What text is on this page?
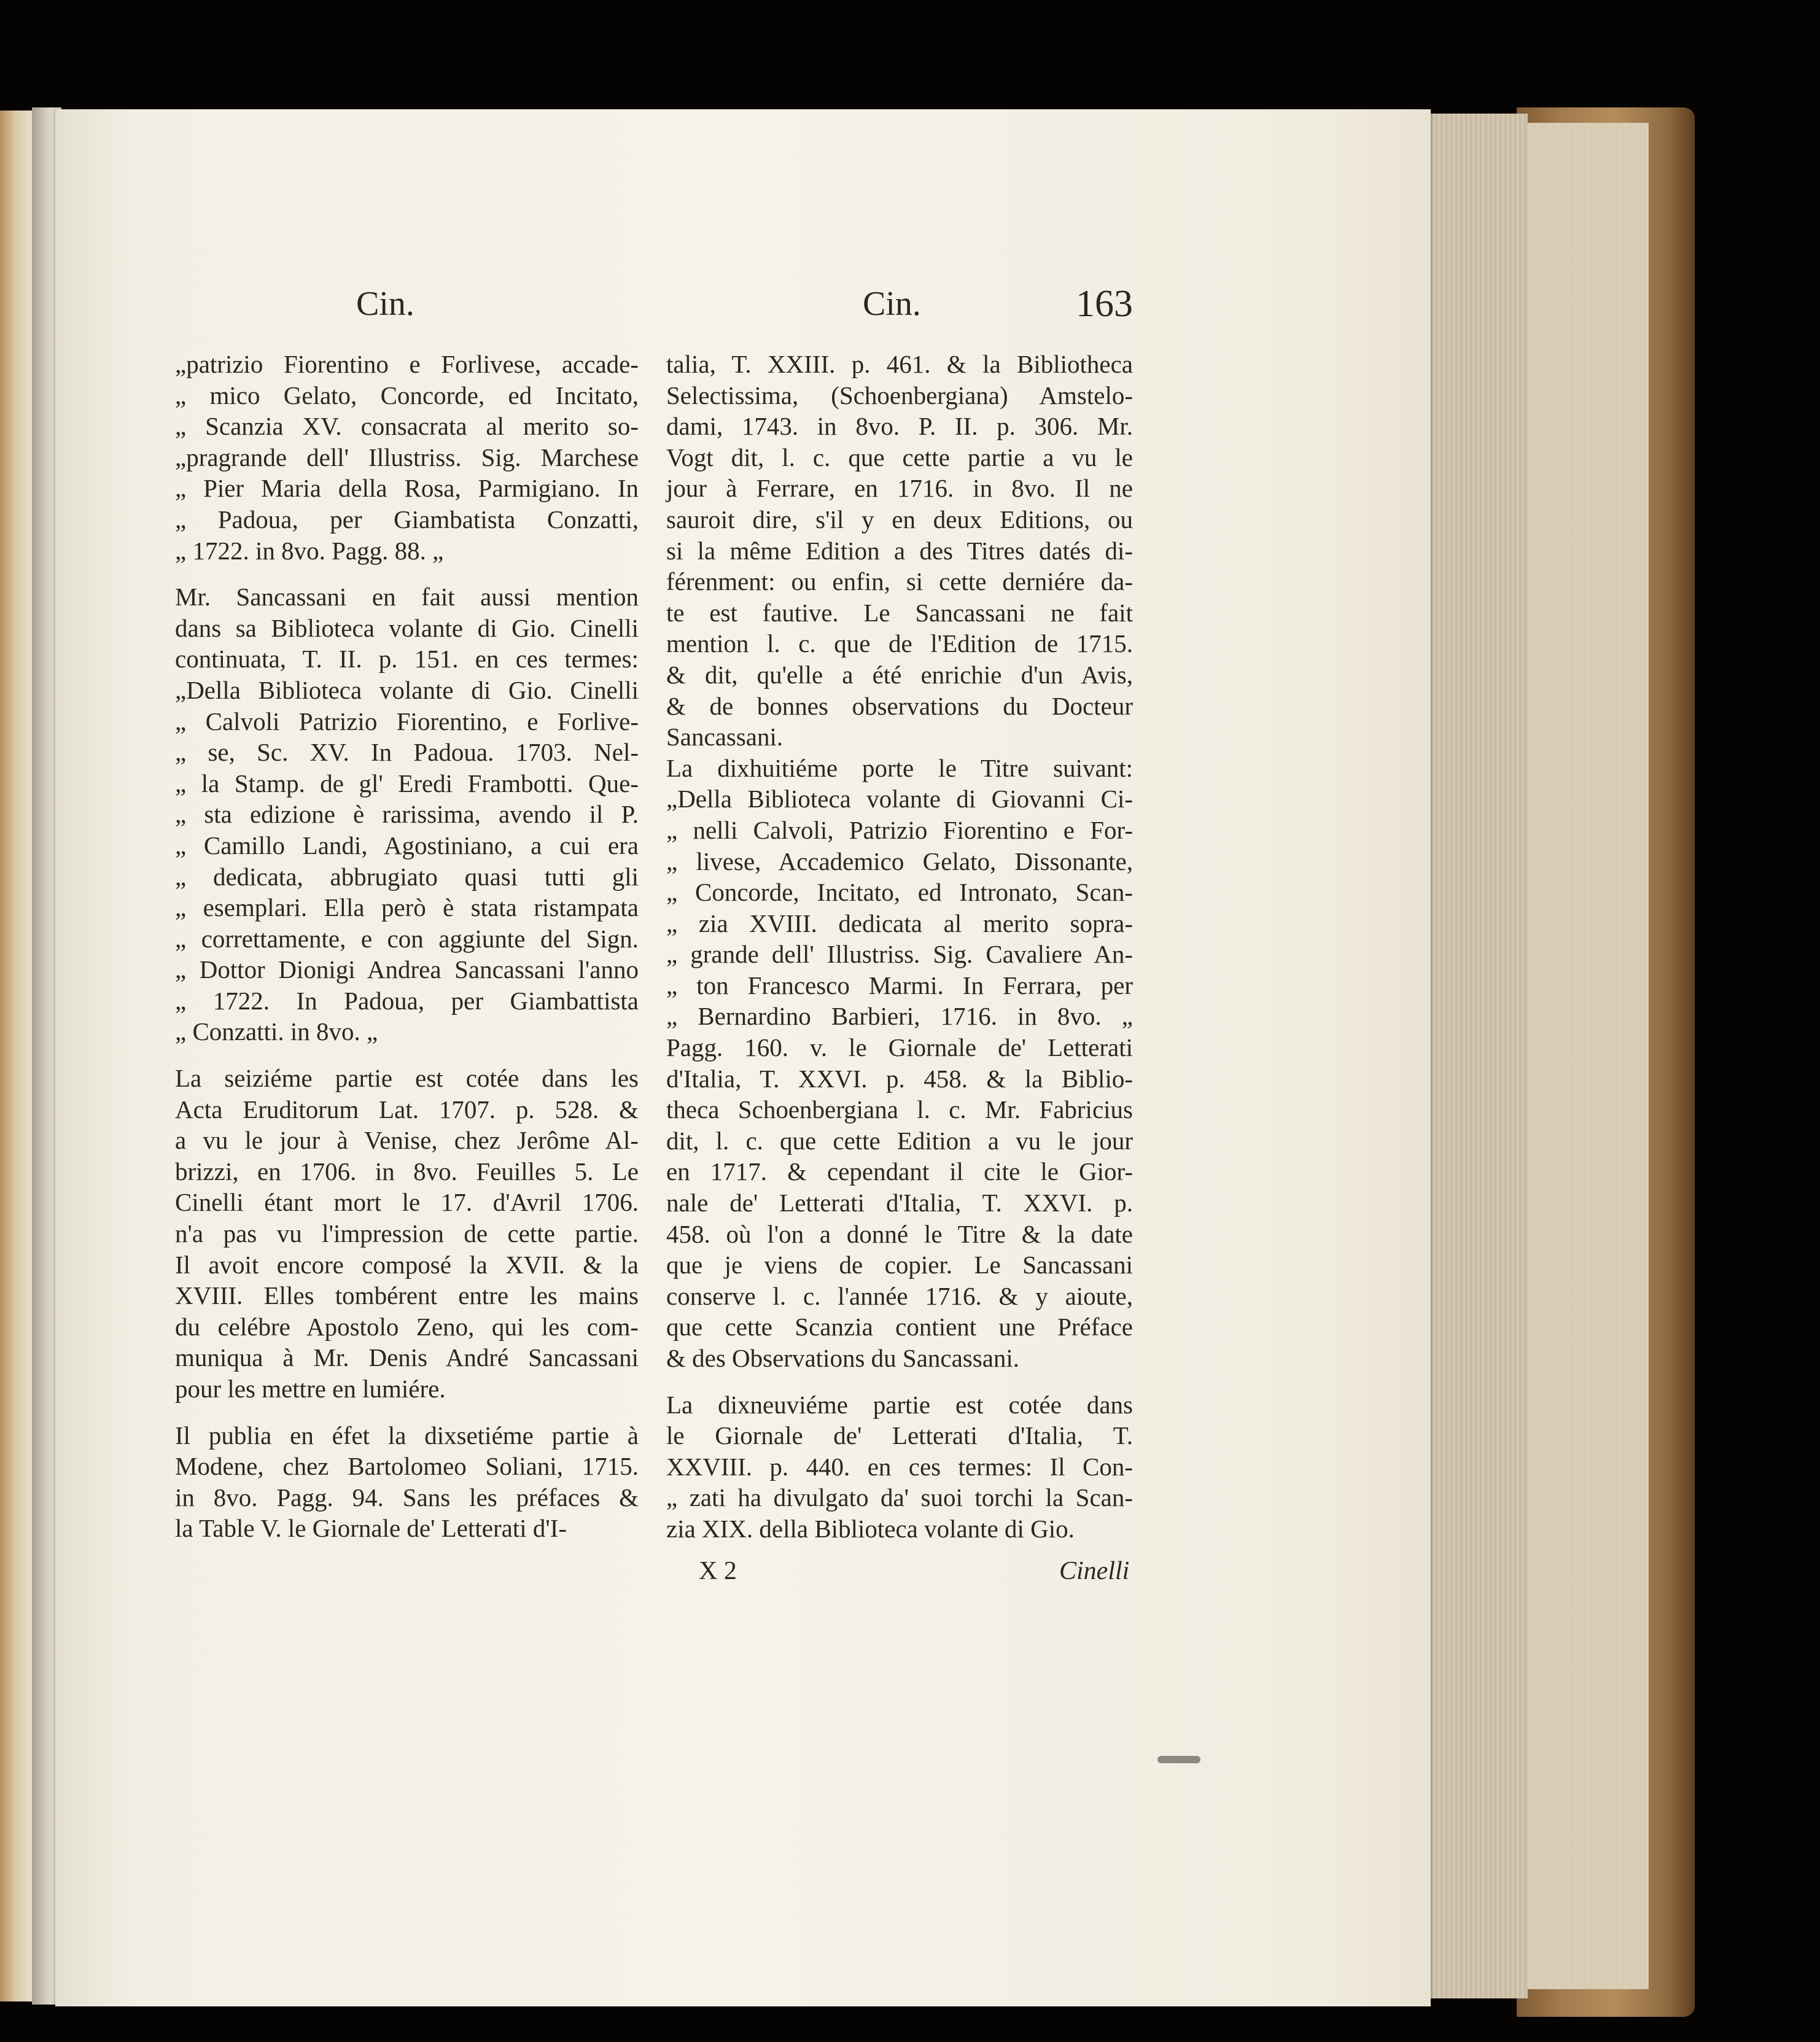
Cin.	Cin.	163
„patrizio Fiorentino e Forlivese, accade-
„ mico Gelato, Concorde, ed Incitato,
„ Scanzia XV. consacrata al merito so-
„pragrande dell' Illustriss. Sig. Marchese
„ Pier Maria della Rosa, Parmigiano. In
„ Padoua, per Giambatista Conzatti,
„ 1722. in 8vo. Pagg. 88. „
Mr. Sancassani en fait aussi mention
dans sa Biblioteca volante di Gio. Cinelli
continuata, T. II. p. 151. en ces termes:
„Della Biblioteca volante di Gio. Cinelli
„ Calvoli Patrizio Fiorentino, e Forlive-
„ se, Sc. XV. In Padoua. 1703. Nel-
„ la Stamp. de gl' Eredi Frambotti. Que-
„ sta edizione è rarissima, avendo il P.
„ Camillo Landi, Agostiniano, a cui era
„ dedicata, abbrugiato quasi tutti gli
„ esemplari. Ella però è stata ristampata
„ correttamente, e con aggiunte del Sign.
„ Dottor Dionigi Andrea Sancassani l'anno
„ 1722. In Padoua, per Giambattista
„ Conzatti. in 8vo. „
La seiziéme partie est cotée dans les
Acta Eruditorum Lat. 1707. p. 528. &
a vu le jour à Venise, chez Jerôme Al-
brizzi, en 1706. in 8vo. Feuilles 5. Le
Cinelli étant mort le 17. d'Avril 1706.
n'a pas vu l'impression de cette partie.
Il avoit encore composé la XVII. & la
XVIII. Elles tombérent entre les mains
du celébre Apostolo Zeno, qui les com-
muniqua à Mr. Denis André Sancassani
pour les mettre en lumiére.
Il publia en éfet la dixsetiéme partie à
Modene, chez Bartolomeo Soliani, 1715.
in 8vo. Pagg. 94. Sans les préfaces &
la Table V. le Giornale de' Letterati d'I-
talia, T. XXIII. p. 461. & la Bibliotheca
Selectissima, (Schoenbergiana) Amstelo-
dami, 1743. in 8vo. P. II. p. 306. Mr.
Vogt dit, l. c. que cette partie a vu le
jour à Ferrare, en 1716. in 8vo. Il ne
sauroit dire, s'il y en deux Editions, ou
si la même Edition a des Titres datés di-
férenment: ou enfin, si cette derniére da-
te est fautive. Le Sancassani ne fait
mention l. c. que de l'Edition de 1715.
& dit, qu'elle a été enrichie d'un Avis,
& de bonnes observations du Docteur
Sancassani.
La dixhuitiéme porte le Titre suivant:
„Della Biblioteca volante di Giovanni Ci-
„ nelli Calvoli, Patrizio Fiorentino e For-
„ livese, Accademico Gelato, Dissonante,
„ Concorde, Incitato, ed Intronato, Scan-
„ zia XVIII. dedicata al merito sopra-
„ grande dell' Illustriss. Sig. Cavaliere An-
„ ton Francesco Marmi. In Ferrara, per
„ Bernardino Barbieri, 1716. in 8vo. „
Pagg. 160. v. le Giornale de' Letterati
d'Italia, T. XXVI. p. 458. & la Biblio-
theca Schoenbergiana l. c. Mr. Fabricius
dit, l. c. que cette Edition a vu le jour
en 1717. & cependant il cite le Gior-
nale de' Letterati d'Italia, T. XXVI. p.
458. où l'on a donné le Titre & la date
que je viens de copier. Le Sancassani
conserve l. c. l'année 1716. & y aioute,
que cette Scanzia contient une Préface
& des Observations du Sancassani.
La dixneuviéme partie est cotée dans
le Giornale de' Letterati d'Italia, T.
XXVIII. p. 440. en ces termes: Il Con-
„ zati ha divulgato da' suoi torchi la Scan-
zia XIX. della Biblioteca volante di Gio.
X 2	Cinelli
